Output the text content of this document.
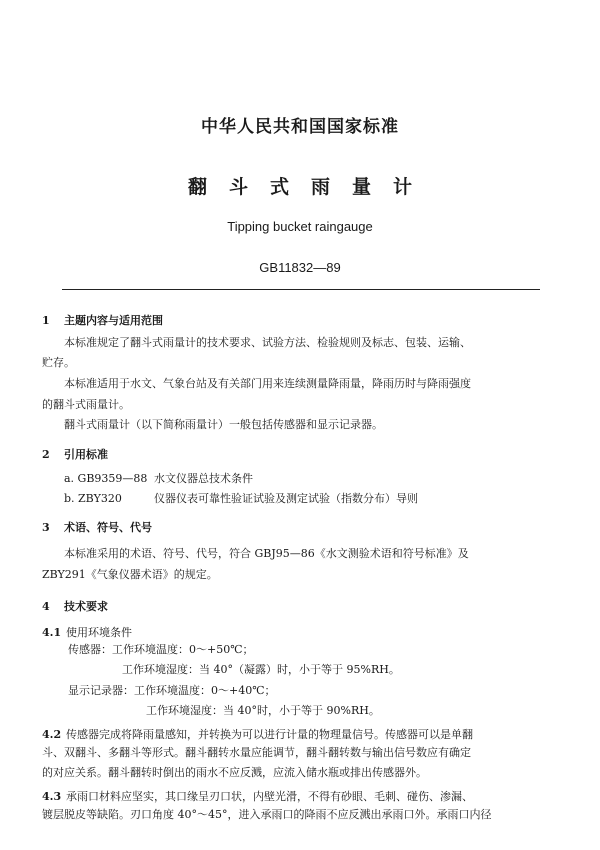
中华人民共和国国家标准
翻斗式雨量计
Tipping bucket raingauge
GB11832—89
1 主题内容与适用范围
本标准规定了翻斗式雨量计的技术要求、试验方法、检验规则及标志、包装、运输、
贮存。
本标准适用于水文、气象台站及有关部门用来连续测量降雨量，降雨历时与降雨强度
的翻斗式雨量计。
翻斗式雨量计（以下简称雨量计）一般包括传感器和显示记录器。
2 引用标准
a. GB9359—88 水文仪器总技术条件
b. ZBY320	仪器仪表可靠性验证试验及测定试验（指数分布）导则
3 术语、符号、代号
本标准采用的术语、符号、代号，符合 GBJ95—86《水文测验术语和符号标准》及
ZBY291《气象仪器术语》的规定。
4 技术要求
4.1 使用环境条件
传感器：工作环境温度：0～+50℃；
工作环境湿度：当 40°（凝露）时，小于等于 95%RH。
显示记录器：工作环境温度：0～+40℃；
工作环境湿度：当 40°时，小于等于 90%RH。
4.2 传感器完成将降雨量感知，并转换为可以进行计量的物理量信号。传感器可以是单翻
斗、双翻斗、多翻斗等形式。翻斗翻转水量应能调节，翻斗翻转数与输出信号数应有确定
的对应关系。翻斗翻转时倒出的雨水不应反溅，应流入储水瓶或排出传感器外。
4.3 承雨口材料应坚实，其口缘呈刃口状，内壁光滑，不得有砂眼、毛刺、碰伤、渗漏、
镀层脱皮等缺陷。刃口角度 40°～45°，进入承雨口的降雨不应反溅出承雨口外。承雨口内径
